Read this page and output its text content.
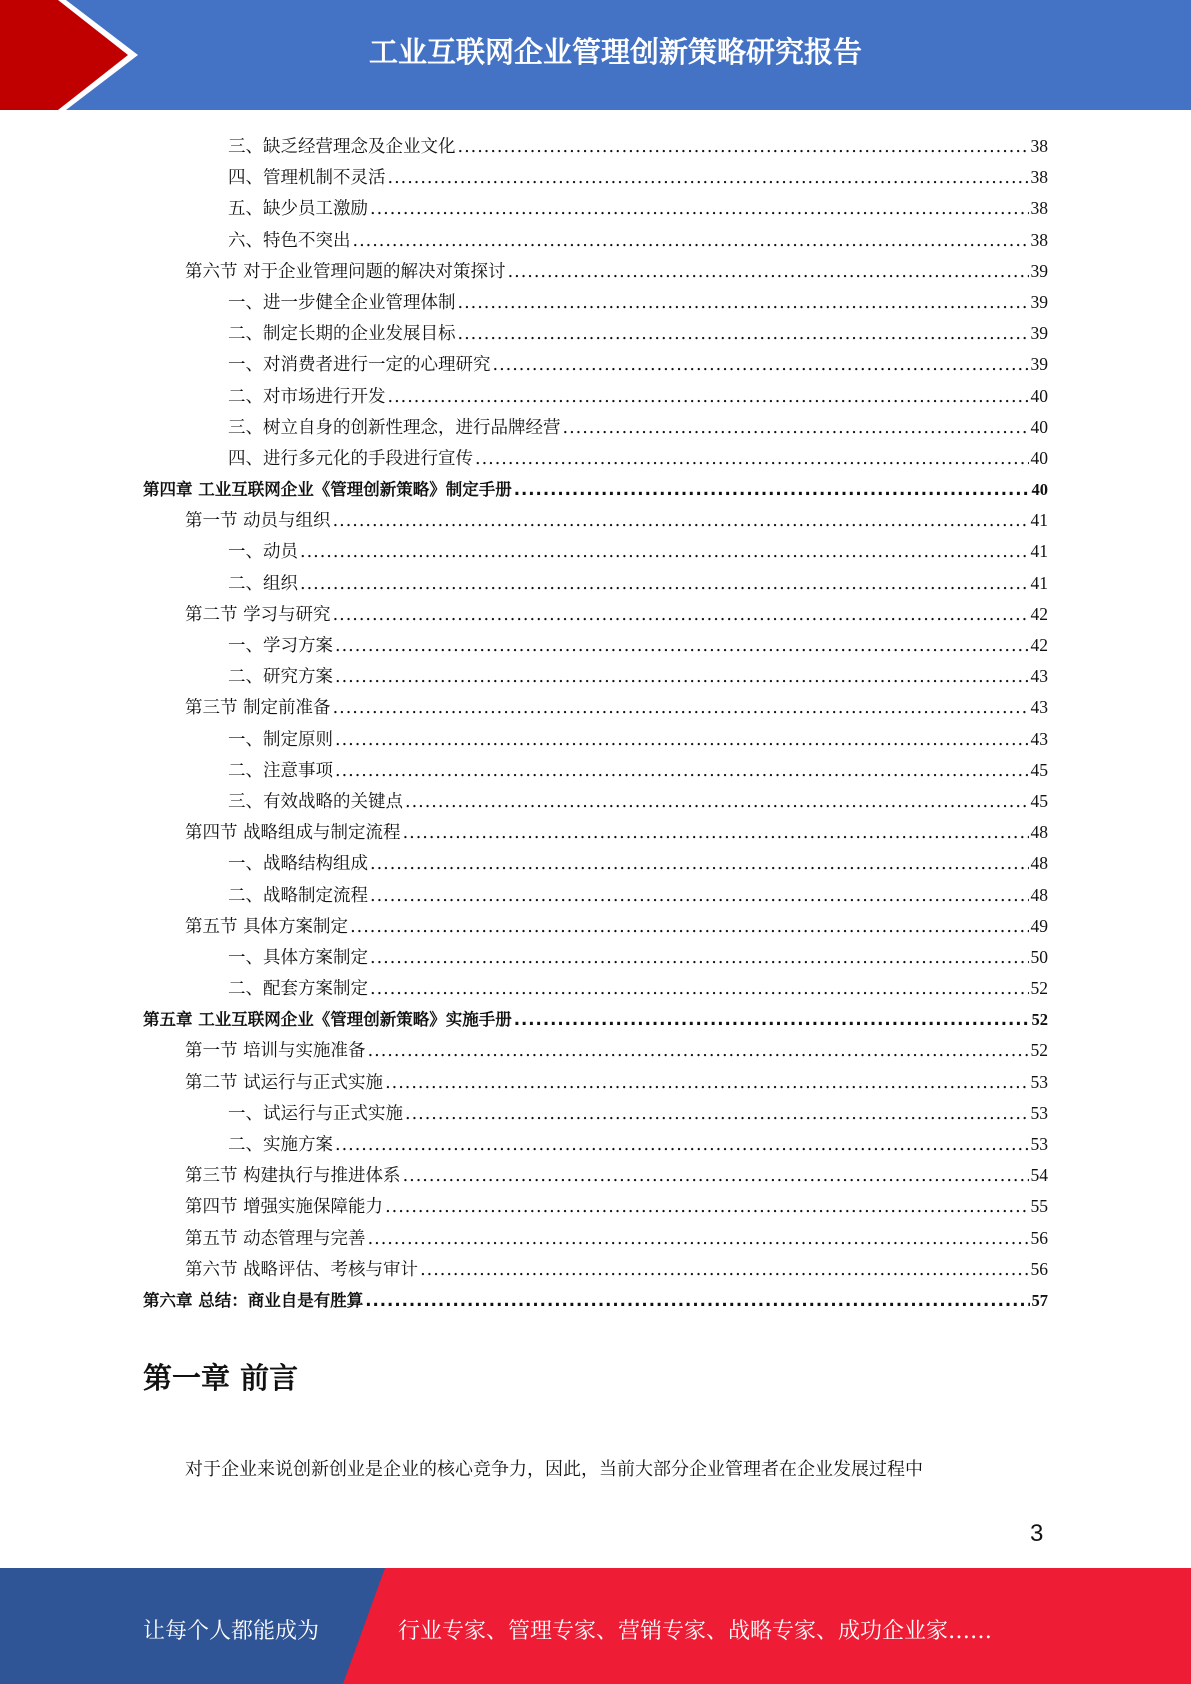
工业互联网企业管理创新策略研究报告
三、缺乏经营理念及企业文化 .....	38
四、管理机制不灵活 .....	38
五、缺少员工激励 .....	38
六、特色不突出 .....	38
第六节 对于企业管理问题的解决对策探讨 .....	39
一、进一步健全企业管理体制 .....	39
二、制定长期的企业发展目标 .....	39
一、对消费者进行一定的心理研究 .....	39
二、对市场进行开发 .....	40
三、树立自身的创新性理念，进行品牌经营 .....	40
四、进行多元化的手段进行宣传 .....	40
第四章 工业互联网企业《管理创新策略》制定手册 .....	40
第一节 动员与组织 .....	41
一、动员 .....	41
二、组织 .....	41
第二节 学习与研究 .....	42
一、学习方案 .....	42
二、研究方案 .....	43
第三节 制定前准备 .....	43
一、制定原则 .....	43
二、注意事项 .....	45
三、有效战略的关键点 .....	45
第四节 战略组成与制定流程 .....	48
一、战略结构组成 .....	48
二、战略制定流程 .....	48
第五节 具体方案制定 .....	49
一、具体方案制定 .....	50
二、配套方案制定 .....	52
第五章 工业互联网企业《管理创新策略》实施手册 .....	52
第一节 培训与实施准备 .....	52
第二节 试运行与正式实施 .....	53
一、试运行与正式实施 .....	53
二、实施方案 .....	53
第三节 构建执行与推进体系 .....	54
第四节 增强实施保障能力 .....	55
第五节 动态管理与完善 .....	56
第六节 战略评估、考核与审计 .....	56
第六章 总结：商业自是有胜算 .....	57
第一章 前言
对于企业来说创新创业是企业的核心竞争力，因此，当前大部分企业管理者在企业发展过程中
3
让每个人都能成为	行业专家、管理专家、营销专家、战略专家、成功企业家……
